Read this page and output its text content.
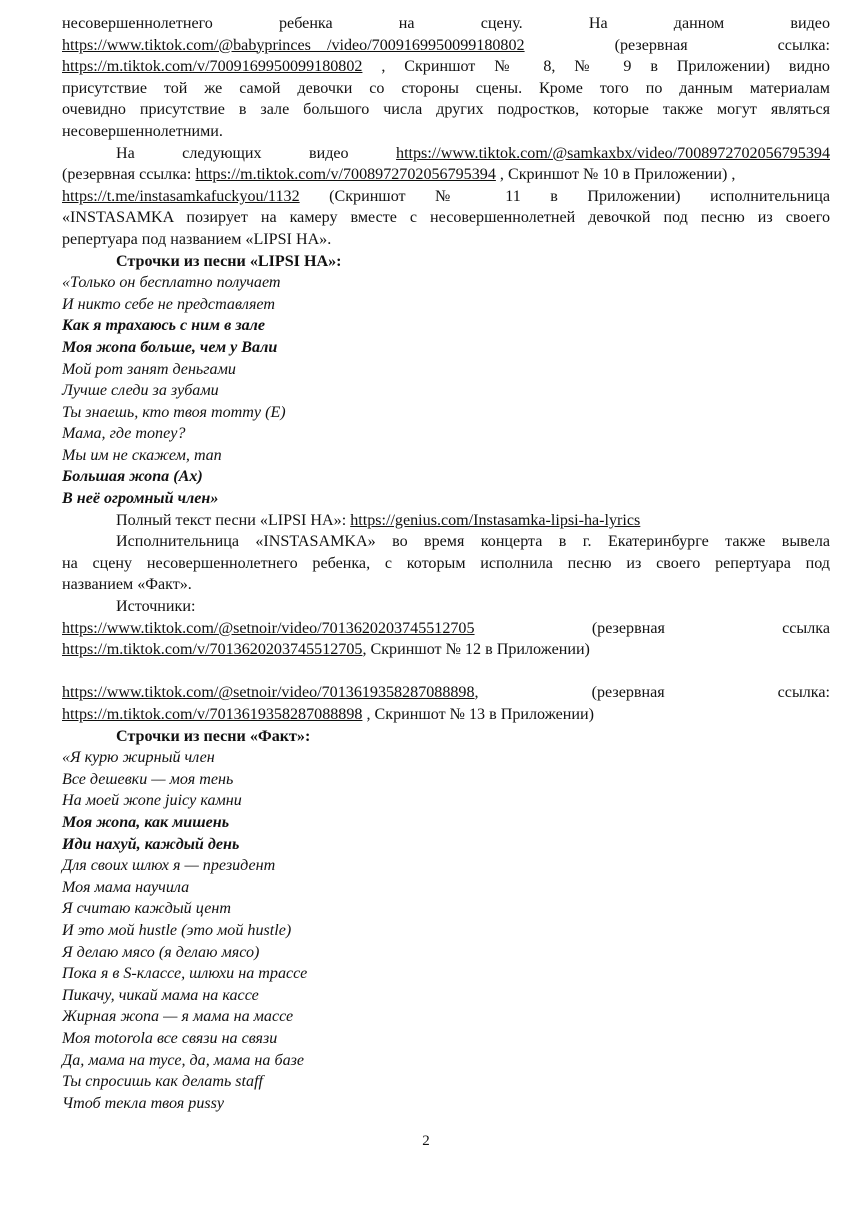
несовершеннолетнего ребенка на сцену. На данном видео
https://www.tiktok.com/@babyprinces__/video/7009169950099180802	(резервная ссылка:
https://m.tiktok.com/v/7009169950099180802 , Скриншот № 8, № 9 в Приложении) видно
присутствие той же самой девочки со стороны сцены. Кроме того по данным материалам
очевидно присутствие в зале большого числа других подростков, которые также могут являться
несовершеннолетними.
На следующих видео	https://www.tiktok.com/@samkaxbx/video/7008972702056795394
(резервная ссылка: https://m.tiktok.com/v/7008972702056795394 , Скриншот № 10 в Приложении) ,
https://t.me/instasamkafuckyou/1132 (Скриншот № 11 в Приложении) исполнительница
«INSTASAMKA позирует на камеру вместе с несовершеннолетней девочкой под песню из своего
репертуара под названием «LIPSI HA».
Строчки из песни «LIPSI HA»:
«Только он бесплатно получает
И никто себе не представляет
Как я трахаюсь с ним в зале
Моя жопа больше, чем у Вали
Мой рот занят деньгами
Лучше следи за зубами
Ты знаешь, кто твоя mommy (Е)
Мама, где money?
Мы им не скажем, man
Большая жопа (Ах)
В неё огромный член»
Полный текст песни «LIPSI HA»: https://genius.com/Instasamka-lipsi-ha-lyrics
Исполнительница «INSTASAMKA» во время концерта в г. Екатеринбурге также вывела
на сцену несовершеннолетнего ребенка, с которым исполнила песню из своего репертуара под
названием «Факт».
Источники:
https://www.tiktok.com/@setnoir/video/7013620203745512705	(резервная ссылка
https://m.tiktok.com/v/7013620203745512705, Скриншот № 12 в Приложении)
https://www.tiktok.com/@setnoir/video/7013619358287088898,	(резервная ссылка:
https://m.tiktok.com/v/7013619358287088898 , Скриншот № 13 в Приложении)
Строчки из песни «Факт»:
«Я курю жирный член
Все дешевки — моя тень
На моей жопе juicy камни
Моя жопа, как мишень
Иди нахуй, каждый день
Для своих шлюх я — президент
Моя мама научила
Я считаю каждый цент
И это мой hustle (это мой hustle)
Я делаю мясо (я делаю мясо)
Пока я в S-классе, шлюхи на трассе
Пикачу, чикай мама на кассе
Жирная жопа — я мама на массе
Моя motorola все связи на связи
Да, мама на тусе, да, мама на базе
Ты спросишь как делать staff
Чтоб текла твоя pussy
2
